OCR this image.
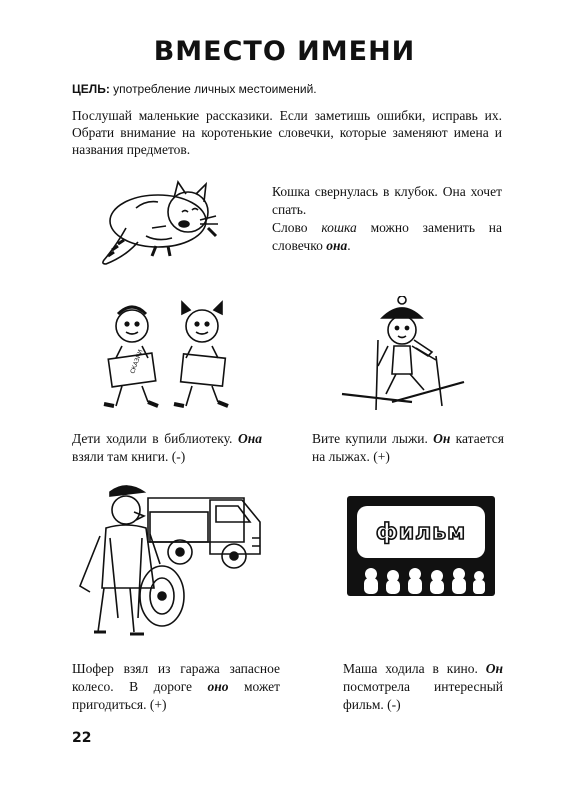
ВМЕСТО ИМЕНИ
ЦЕЛЬ: употребление личных местоимений.
Послушай маленькие рассказики. Если заметишь ошибки, исправь их. Обрати внимание на коротенькие словечки, которые заменяют имена и названия предметов.
Кошка свернулась в клубок. Она хочет спать.
Слово кошка можно заменить на словечко она.
СКАЗКИ
Дети ходили в библиотеку. Она взяли там книги. (-)
Вите купили лыжи. Он катается на лыжах. (+)
фильм
Шофер взял из гаража запасное колесо. В дороге оно может пригодиться. (+)
Маша ходила в кино. Он посмотрела интересный фильм. (-)
22
